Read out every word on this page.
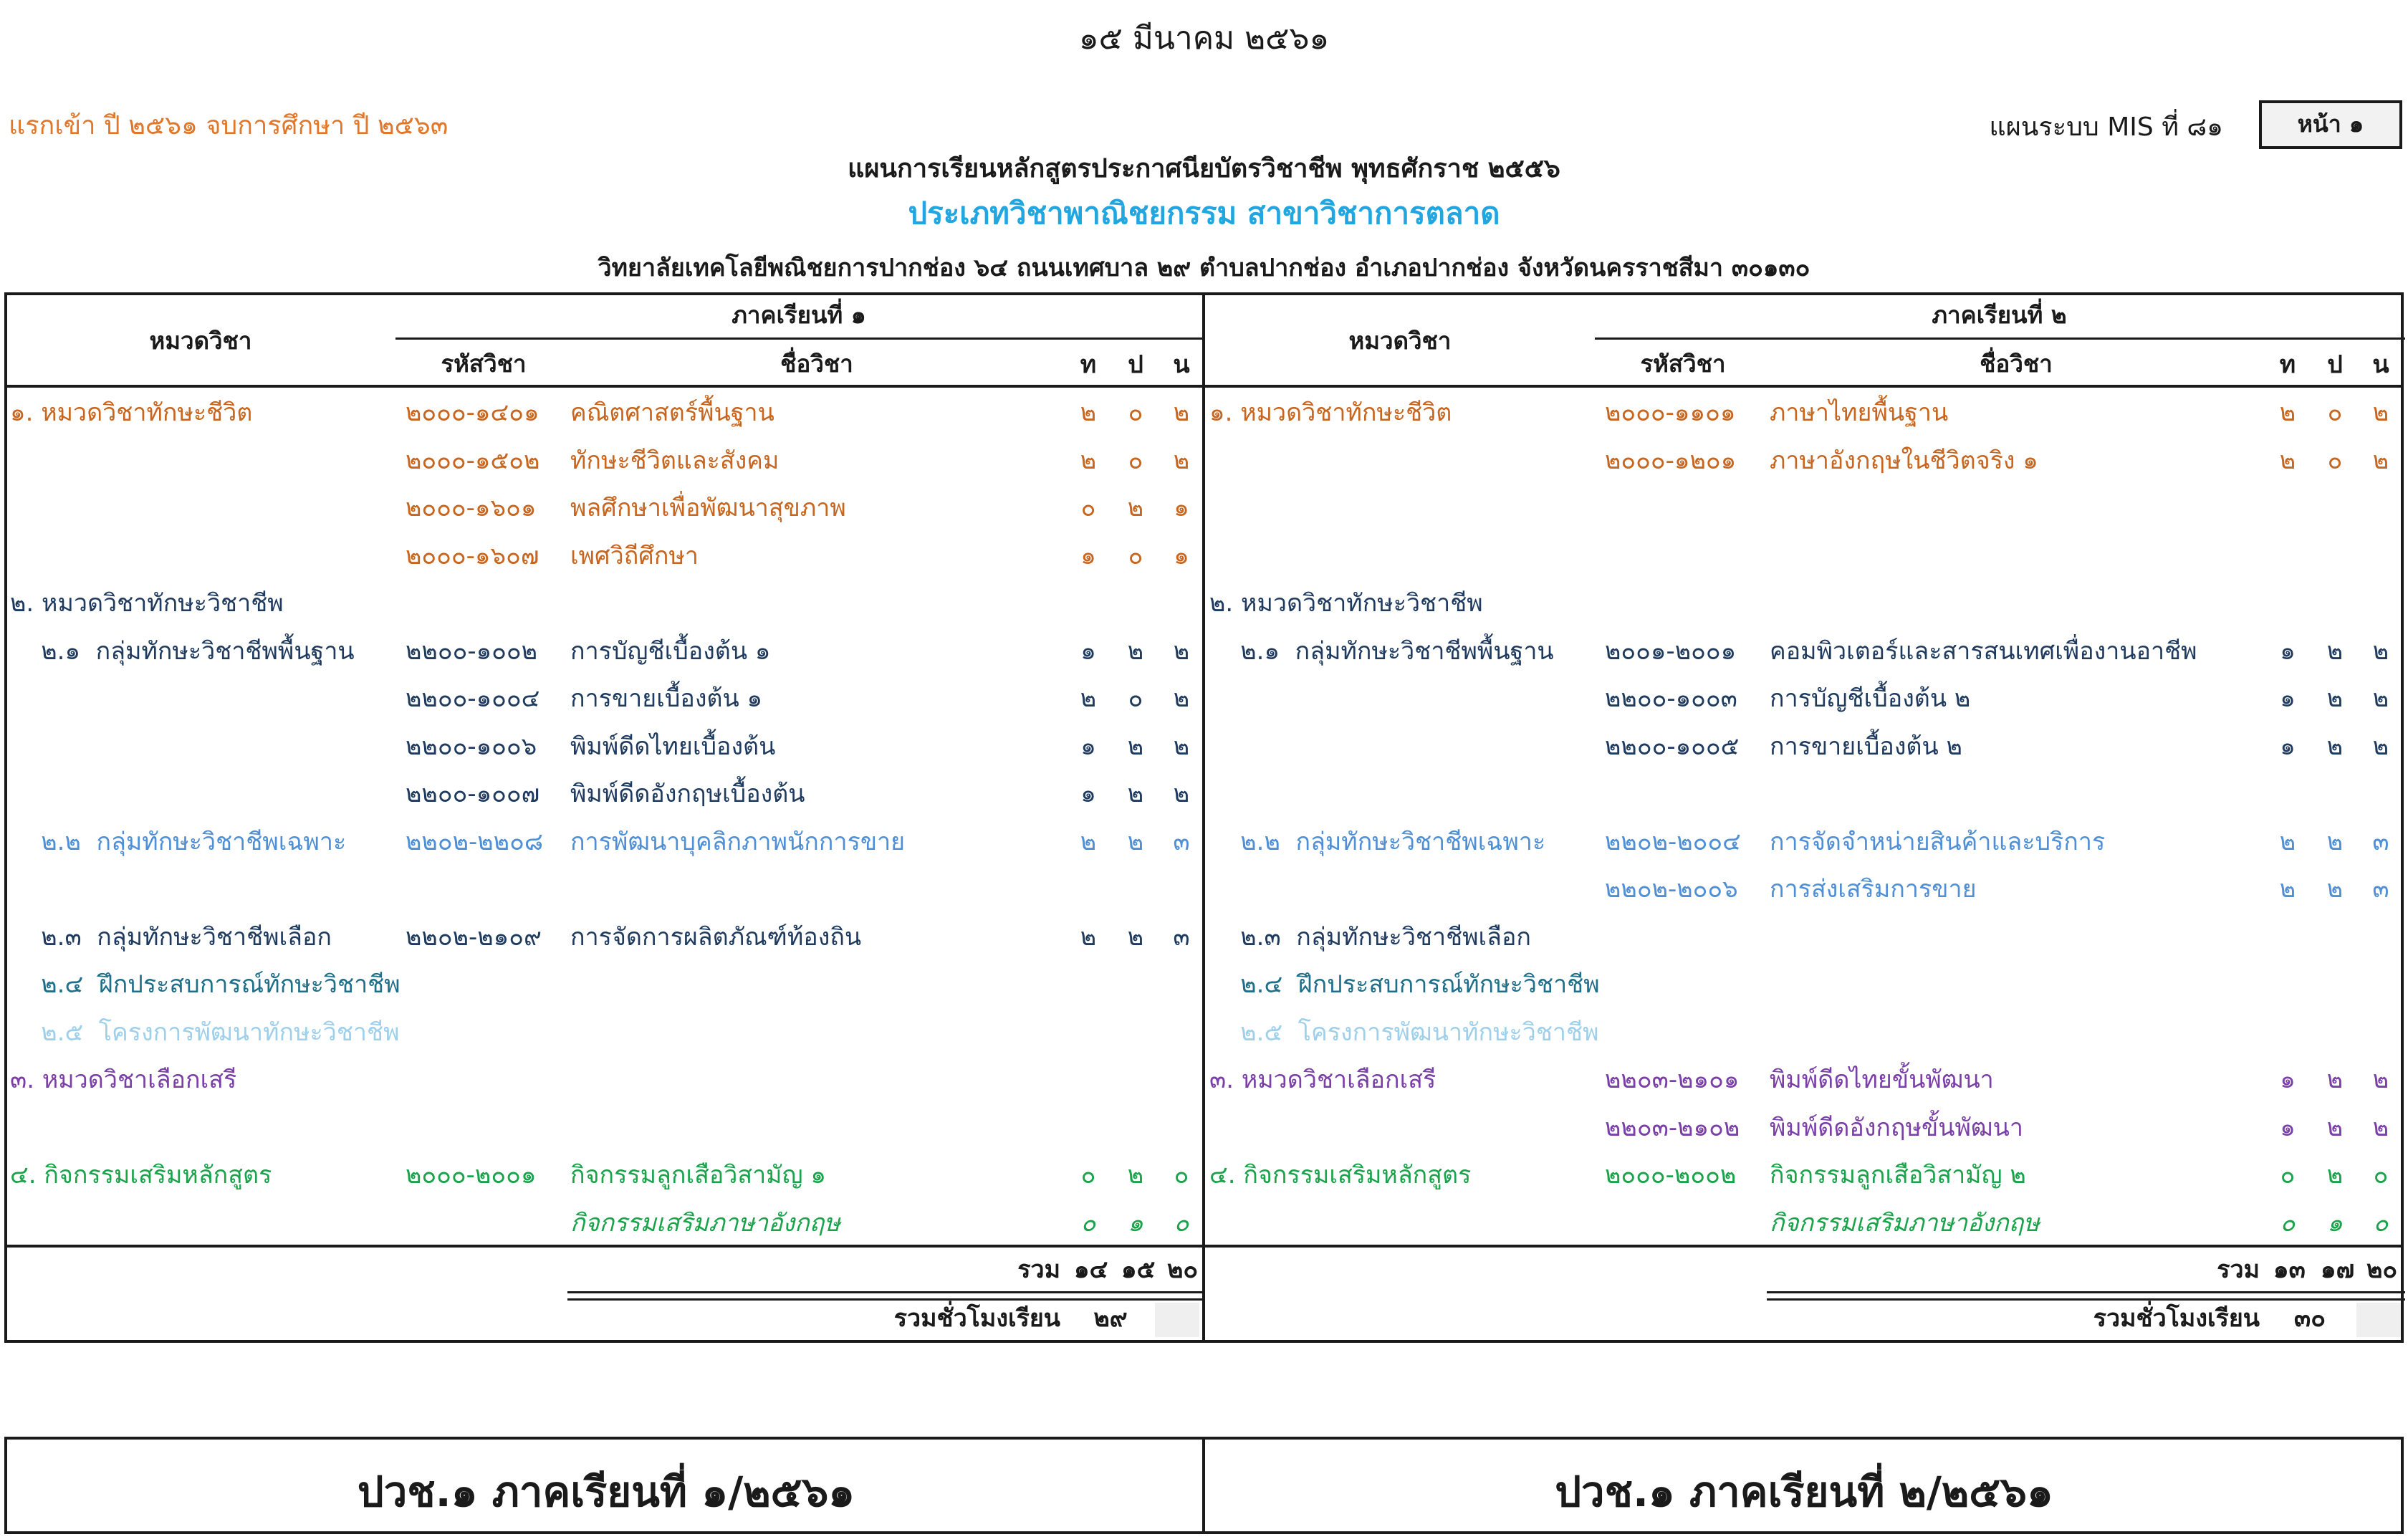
๑๕ มีนาคม ๒๕๖๑
แรกเข้า ปี ๒๕๖๑ จบการศึกษา ปี ๒๕๖๓	แผนระบบ MIS ที่ ๘๑	หน้า ๑
แผนการเรียนหลักสูตรประกาศนียบัตรวิชาชีพ พุทธศักราช ๒๕๕๖
ประเภทวิชาพาณิชยกรรม สาขาวิชาการตลาด
วิทยาลัยเทคโลยีพณิชยการปากช่อง ๖๔ ถนนเทศบาล ๒๙ ตำบลปากช่อง อำเภอปากช่อง จังหวัดนครราชสีมา ๓๐๑๓๐
หมวดวิชา
ภาคเรียนที่ ๑
รหัสวิชา	ชื่อวิชา	ท ป น
หมวดวิชา
ภาคเรียนที่ ๒
รหัสวิชา	ชื่อวิชา	ท ป น
๑. หมวดวิชาทักษะชีวิต	๒๐๐๐-๑๔๐๑ คณิตศาสตร์พื้นฐาน	๒ ๐ ๒
๒๐๐๐-๑๕๐๒ ทักษะชีวิตและสังคม	๒ ๐ ๒
๒๐๐๐-๑๖๐๑ พลศึกษาเพื่อพัฒนาสุขภาพ	๐ ๒ ๑
๒๐๐๐-๑๖๐๗ เพศวิถีศึกษา	๑ ๐ ๑
๒. หมวดวิชาทักษะวิชาชีพ
๒.๑  กลุ่มทักษะวิชาชีพพื้นฐาน ๒๒๐๐-๑๐๐๒ การบัญชีเบื้องต้น ๑	๑ ๒ ๒
๒๒๐๐-๑๐๐๔ การขายเบื้องต้น ๑	๒ ๐ ๒
๒๒๐๐-๑๐๐๖ พิมพ์ดีดไทยเบื้องต้น	๑ ๒ ๒
๒๒๐๐-๑๐๐๗ พิมพ์ดีดอังกฤษเบื้องต้น	๑ ๒ ๒
๒.๒  กลุ่มทักษะวิชาชีพเฉพาะ ๒๒๐๒-๒๒๐๘ การพัฒนาบุคลิกภาพนักการขาย	๒ ๒ ๓
๒.๓  กลุ่มทักษะวิชาชีพเลือก	๒๒๐๒-๒๑๐๙ การจัดการผลิตภัณฑ์ท้องถิน	๒ ๒ ๓
๒.๔  ฝึกประสบการณ์ทักษะวิชาชีพ
๒.๕  โครงการพัฒนาทักษะวิชาชีพ
๓. หมวดวิชาเลือกเสรี
๔. กิจกรรมเสริมหลักสูตร	๒๐๐๐-๒๐๐๑ กิจกรรมลูกเสือวิสามัญ ๑	๐ ๒ ๐
กิจกรรมเสริมภาษาอังกฤษ	๐ ๑ ๐
๑. หมวดวิชาทักษะชีวิต	๒๐๐๐-๑๑๐๑ ภาษาไทยพื้นฐาน	๒ ๐ ๒
๒๐๐๐-๑๒๐๑ ภาษาอังกฤษในชีวิตจริง ๑	๒ ๐ ๒
๒. หมวดวิชาทักษะวิชาชีพ
๒.๑  กลุ่มทักษะวิชาชีพพื้นฐาน ๒๐๐๑-๒๐๐๑ คอมพิวเตอร์และสารสนเทศเพื่องานอาชีพ	๑ ๒ ๒
๒๒๐๐-๑๐๐๓ การบัญชีเบื้องต้น ๒	๑ ๒ ๒
๒๒๐๐-๑๐๐๕ การขายเบื้องต้น ๒	๑ ๒ ๒
๒.๒  กลุ่มทักษะวิชาชีพเฉพาะ ๒๒๐๒-๒๐๐๔ การจัดจำหน่ายสินค้าและบริการ	๒ ๒ ๓
๒๒๐๒-๒๐๐๖ การส่งเสริมการขาย	๒ ๒ ๓
๒.๓  กลุ่มทักษะวิชาชีพเลือก
๒.๔  ฝึกประสบการณ์ทักษะวิชาชีพ
๒.๕  โครงการพัฒนาทักษะวิชาชีพ
๓. หมวดวิชาเลือกเสรี	๒๒๐๓-๒๑๐๑ พิมพ์ดีดไทยขั้นพัฒนา	๑ ๒ ๒
๒๒๐๓-๒๑๐๒ พิมพ์ดีดอังกฤษขั้นพัฒนา	๑ ๒ ๒
๔. กิจกรรมเสริมหลักสูตร	๒๐๐๐-๒๐๐๒ กิจกรรมลูกเสือวิสามัญ ๒	๐ ๒ ๐
กิจกรรมเสริมภาษาอังกฤษ	๐ ๑ ๐
รวม ๑๔ ๑๕ ๒๐
รวมชั่วโมงเรียน	๒๙
รวม ๑๓ ๑๗ ๒๐
รวมชั่วโมงเรียน	๓๐
ปวช.๑ ภาคเรียนที่ ๑/๒๕๖๑	ปวช.๑ ภาคเรียนที่ ๒/๒๕๖๑
